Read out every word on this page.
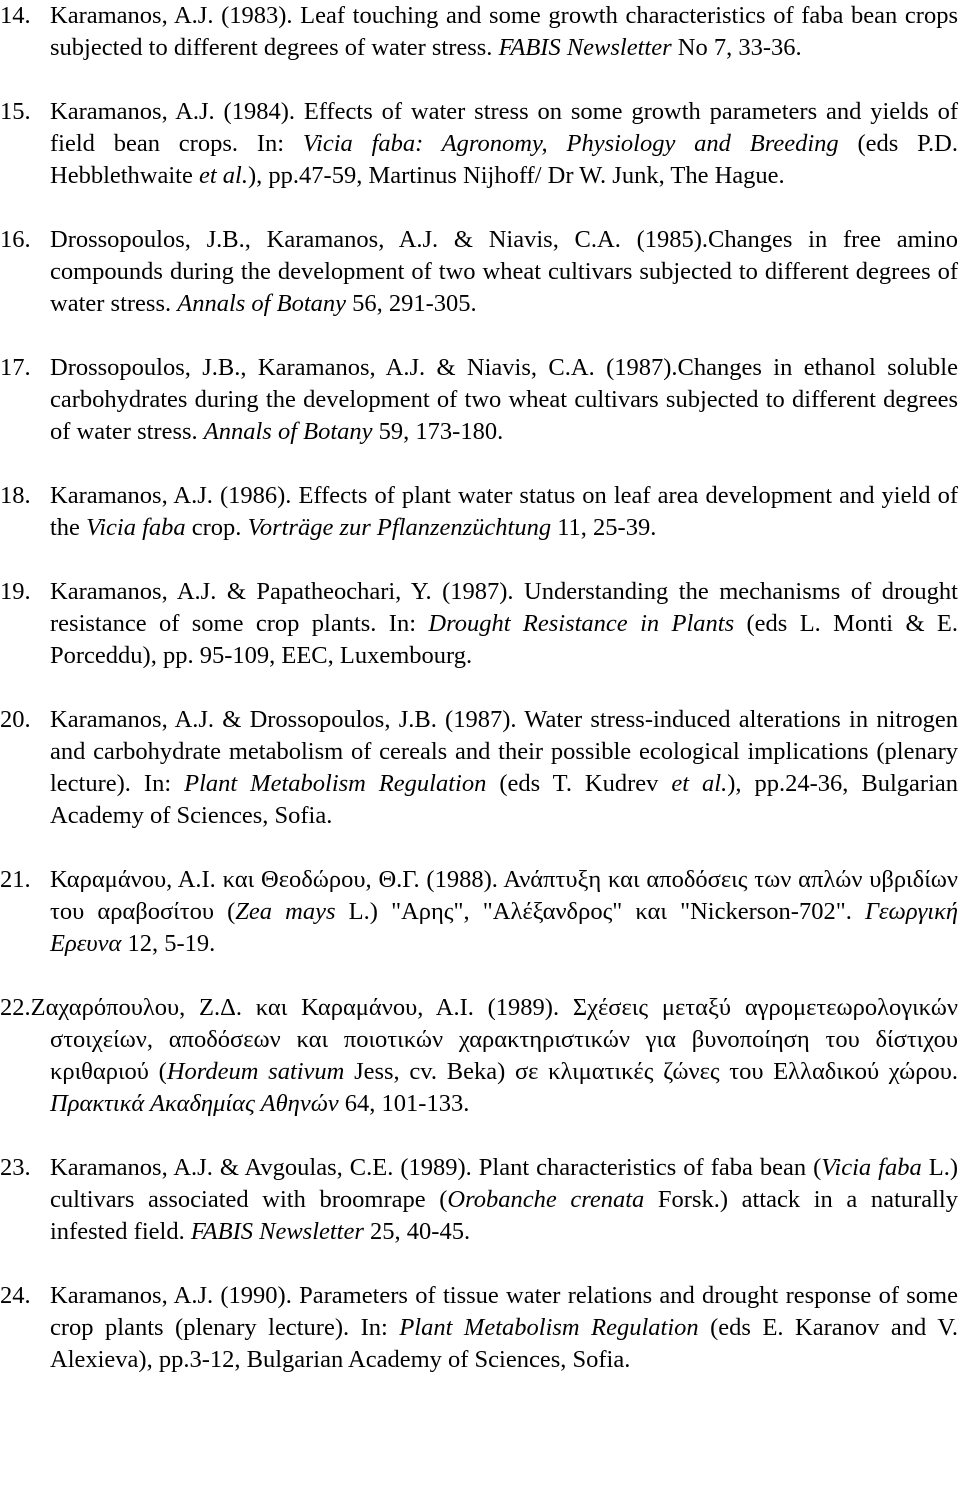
14. Karamanos, A.J. (1983). Leaf touching and some growth characteristics of faba bean crops subjected to different degrees of water stress. FABIS Newsletter No 7, 33-36.

15. Karamanos, A.J. (1984). Effects of water stress on some growth parameters and yields of field bean crops. In: Vicia faba: Agronomy, Physiology and Breeding (eds P.D. Hebblethwaite et al.), pp.47-59, Martinus Nijhoff/ Dr W. Junk, The Hague.

16. Drossopoulos, J.B., Karamanos, A.J. & Niavis, C.A. (1985).Changes in free amino compounds during the development of two wheat cultivars subjected to different degrees of water stress. Annals of Botany 56, 291-305.

17. Drossopoulos, J.B., Karamanos, A.J. & Niavis, C.A. (1987).Changes in ethanol soluble carbohydrates during the development of two wheat cultivars subjected to different degrees of water stress. Annals of Botany 59, 173-180.

18. Karamanos, A.J. (1986). Effects of plant water status on leaf area development and yield of the Vicia faba crop. Vorträge zur Pflanzenzüchtung 11, 25-39.

19. Karamanos, A.J. & Papatheochari, Y. (1987). Understanding the mechanisms of drought resistance of some crop plants. In: Drought Resistance in Plants (eds L. Monti & E. Porceddu), pp. 95-109, EEC, Luxembourg.

20. Karamanos, A.J. & Drossopoulos, J.B. (1987). Water stress-induced alterations in nitrogen and carbohydrate metabolism of cereals and their possible ecological implications (plenary lecture). In: Plant Metabolism Regulation (eds T. Kudrev et al.), pp.24-36, Bulgarian Academy of Sciences, Sofia.

21. Καραμάνου, Α.Ι. και Θεοδώρου, Θ.Γ. (1988). Ανάπτυξη και αποδόσεις των απλών υβριδίων του αραβοσίτου (Zea mays L.) "Αρης", "Αλέξανδρος" και "Nickerson-702". Γεωργική Ερευνα 12, 5-19.

22.Ζαχαρόπουλου, Ζ.Δ. και Καραμάνου, Α.Ι. (1989). Σχέσεις μεταξύ αγρομετεωρολογικών στοιχείων, αποδόσεων και ποιοτικών χαρακτηριστικών για βυνοποίηση του δίστιχου κριθαριού (Hordeum sativum Jess, cv. Beka) σε κλιματικές ζώνες του Ελλαδικού χώρου. Πρακτικά Ακαδημίας Αθηνών 64, 101-133.

23. Karamanos, A.J. & Avgoulas, C.E. (1989). Plant characteristics of faba bean (Vicia faba L.) cultivars associated with broomrape (Orobanche crenata Forsk.) attack in a naturally infested field. FABIS Newsletter 25, 40-45.

24. Karamanos, A.J. (1990). Parameters of tissue water relations and drought response of some crop plants (plenary lecture). In: Plant Metabolism Regulation (eds E. Karanov and V. Alexieva), pp.3-12, Bulgarian Academy of Sciences, Sofia.
